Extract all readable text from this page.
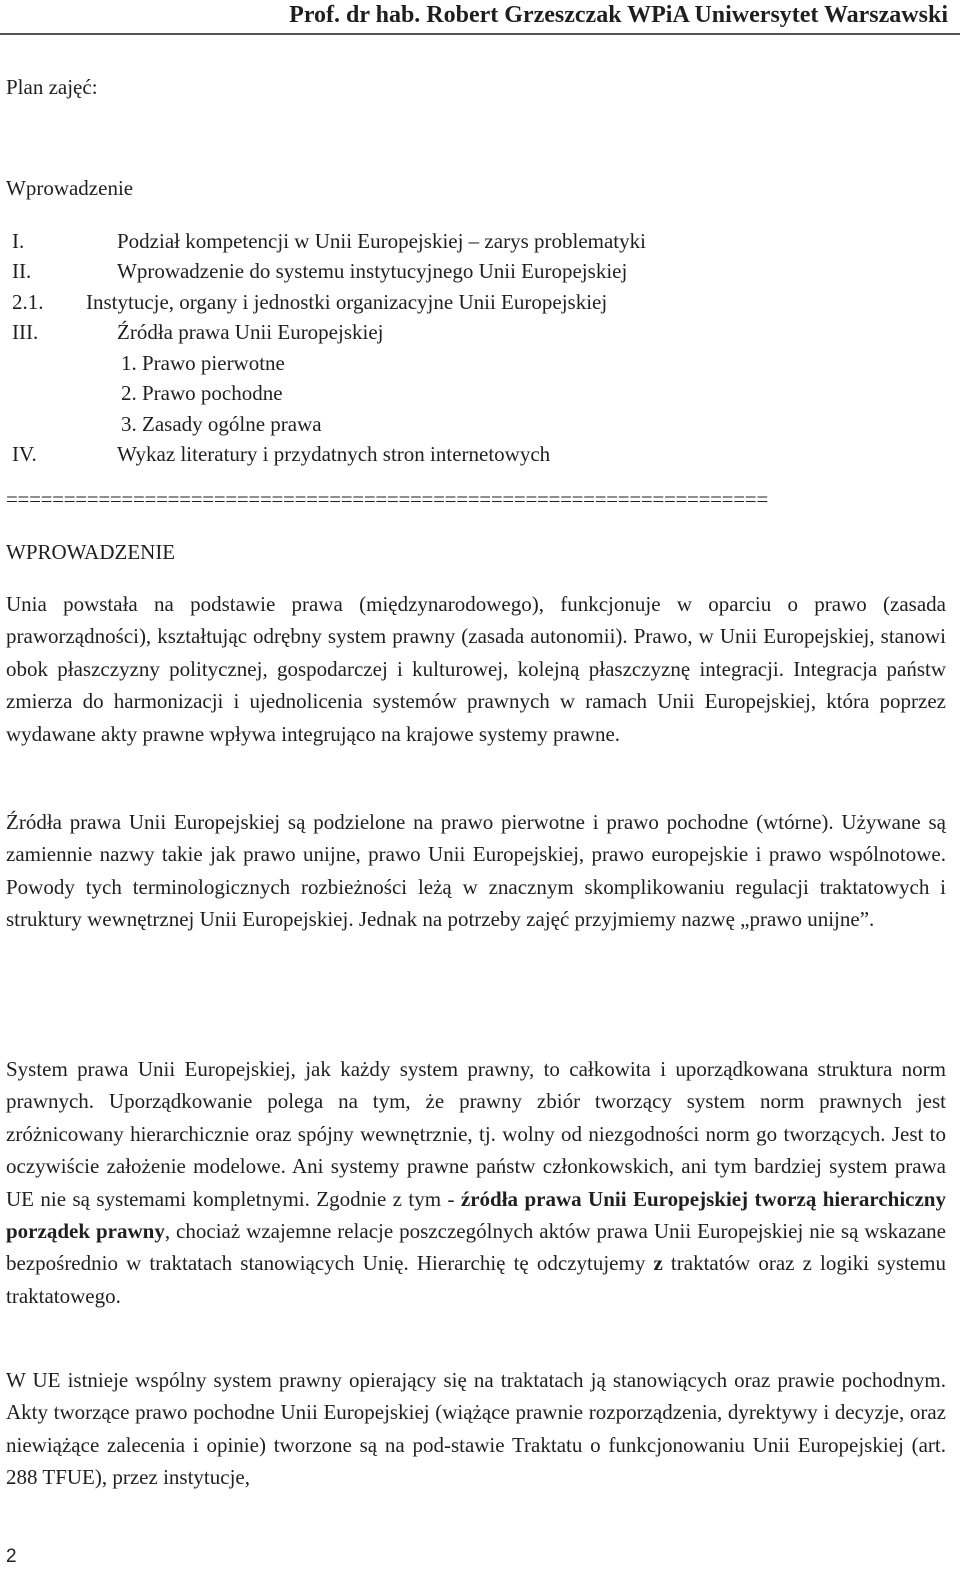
Prof. dr hab. Robert Grzeszczak WPiA Uniwersytet Warszawski
Plan zajęć:
Wprowadzenie
I.	Podział kompetencji w Unii Europejskiej – zarys problematyki
II.	Wprowadzenie do systemu instytucyjnego Unii Europejskiej
2.1. Instytucje, organy i jednostki organizacyjne Unii Europejskiej
III.	Źródła prawa Unii Europejskiej
1. Prawo pierwotne
2. Prawo pochodne
3. Zasady ogólne prawa
IV.	Wykaz literatury i przydatnych stron internetowych
==================================================================
WPROWADZENIE

Unia powstała na podstawie prawa (międzynarodowego), funkcjonuje w oparciu o prawo (zasada praworządności), kształtując odrębny system prawny (zasada autonomii). Prawo, w Unii Europejskiej, stanowi obok płaszczyzny politycznej, gospodarczej i kulturowej, kolejną płaszczyznę integracji. Integracja państw zmierza do harmonizacji i ujednolicenia systemów prawnych w ramach Unii Europejskiej, która poprzez wydawane akty prawne wpływa integrująco na krajowe systemy prawne.

Źródła prawa Unii Europejskiej są podzielone na prawo pierwotne i prawo pochodne (wtórne). Używane są zamiennie nazwy takie jak prawo unijne, prawo Unii Europejskiej, prawo europejskie i prawo wspólnotowe. Powody tych terminologicznych rozbieżności leżą w znacznym skomplikowaniu regulacji traktatowych i struktury wewnętrznej Unii Europejskiej. Jednak na potrzeby zajęć przyjmiemy nazwę „prawo unijne”.

System prawa Unii Europejskiej, jak każdy system prawny, to całkowita i uporządkowana struktura norm prawnych. Uporządkowanie polega na tym, że prawny zbiór tworzący system norm prawnych jest zróżnicowany hierarchicznie oraz spójny wewnętrznie, tj. wolny od niezgodności norm go tworzących. Jest to oczywiście założenie modelowe. Ani systemy prawne państw członkowskich, ani tym bardziej system prawa UE nie są systemami kompletnymi. Zgodnie z tym - źródła prawa Unii Europejskiej tworzą hierarchiczny porządek prawny, chociaż wzajemne relacje poszczególnych aktów prawa Unii Europejskiej nie są wskazane bezpośrednio w traktatach stanowiących Unię. Hierarchię tę odczytujemy z traktatów oraz z logiki systemu traktatowego.

W UE istnieje wspólny system prawny opierający się na traktatach ją stanowiących oraz prawie pochodnym. Akty tworzące prawo pochodne Unii Europejskiej (wiążące prawnie rozporządzenia, dyrektywy i decyzje, oraz niewiążące zalecenia i opinie) tworzone są na pod-stawie Traktatu o funkcjonowaniu Unii Europejskiej (art. 288 TFUE), przez instytucje,

2
